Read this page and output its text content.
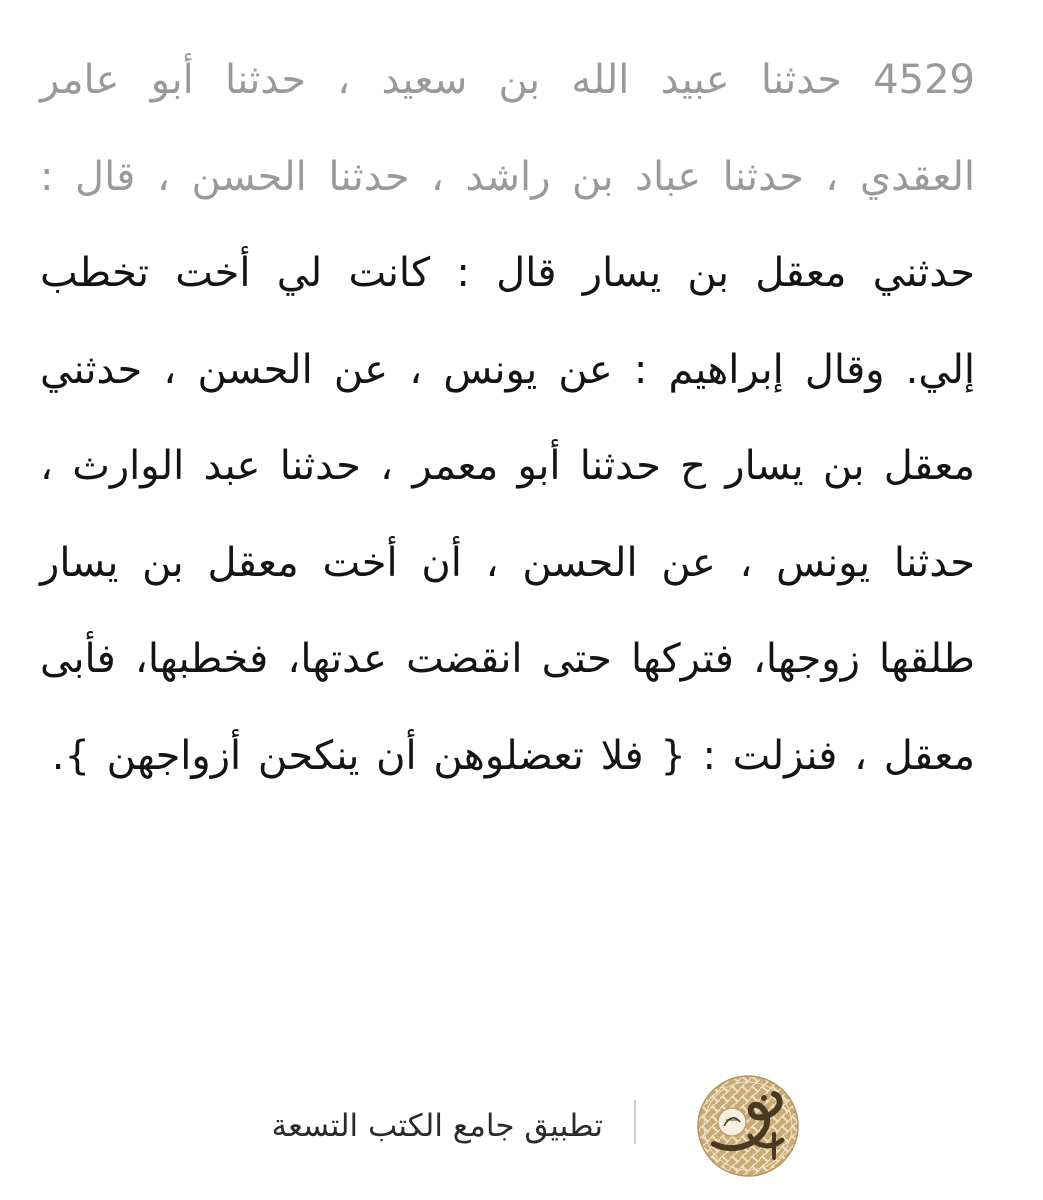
4529 حدثنا عبيد الله بن سعيد ، حدثنا أبو عامر العقدي ، حدثنا عباد بن راشد ، حدثنا الحسن ، قال : حدثني معقل بن يسار قال : كانت لي أخت تخطب إلي. وقال إبراهيم : عن يونس ، عن الحسن ، حدثني معقل بن يسار ح حدثنا أبو معمر ، حدثنا عبد الوارث ، حدثنا يونس ، عن الحسن ، أن أخت معقل بن يسار طلقها زوجها، فتركها حتى انقضت عدتها، فخطبها، فأبى معقل ، فنزلت : { فلا تعضلوهن أن ينكحن أزواجهن }.
تطبيق جامع الكتب التسعة
